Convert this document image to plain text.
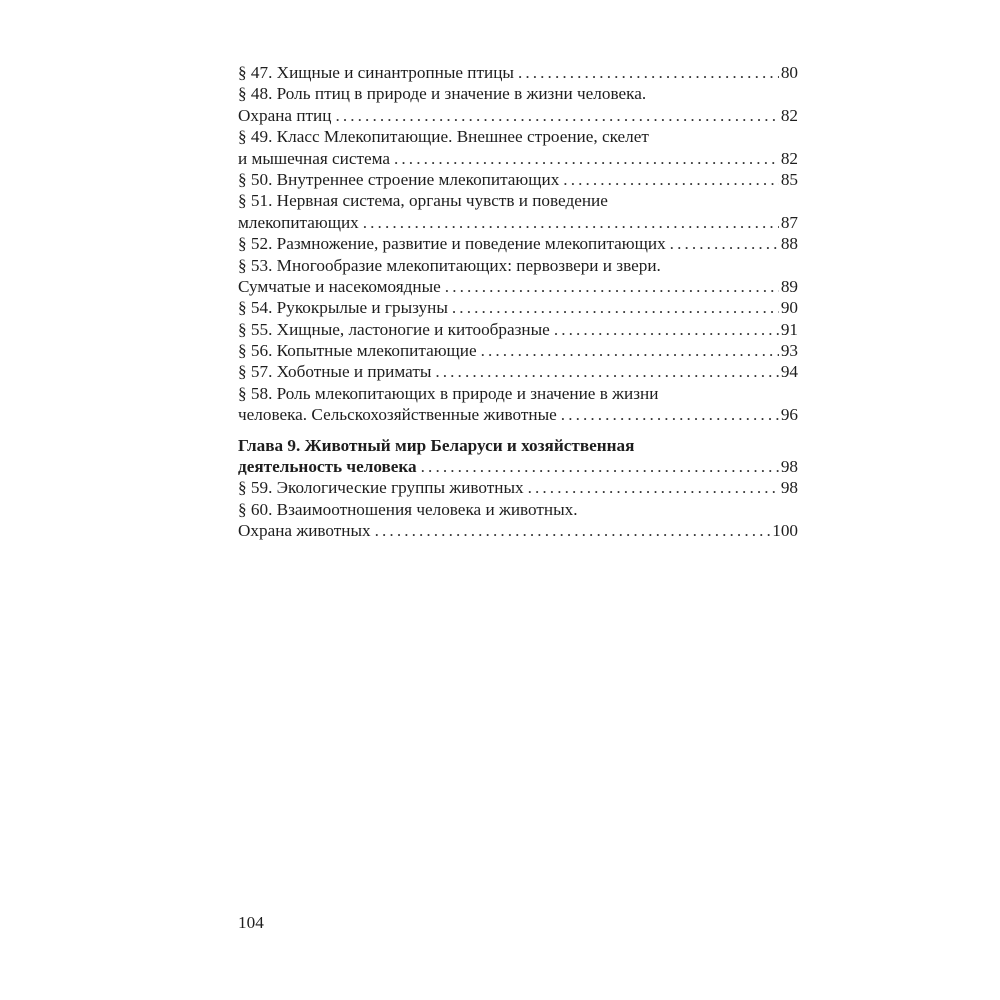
§ 47. Хищные и синантропные птицы . . .	80
§ 48. Роль птиц в природе и значение в жизни человека.
Охрана птиц . . .	82
§ 49. Класс Млекопитающие. Внешнее строение, скелет
и мышечная система . . .	82
§ 50. Внутреннее строение млекопитающих . . .	85
§ 51. Нервная система, органы чувств и поведение
млекопитающих . . .	87
§ 52. Размножение, развитие и поведение млекопитающих . . .	88
§ 53. Многообразие млекопитающих: первозвери и звери.
Сумчатые и насекомоядные . . .	89
§ 54. Рукокрылые и грызуны . . .	90
§ 55. Хищные, ластоногие и китообразные . . .	91
§ 56. Копытные млекопитающие . . .	93
§ 57. Хоботные и приматы . . .	94
§ 58. Роль млекопитающих в природе и значение в жизни
человека. Сельскохозяйственные животные . . .	96
Глава 9. Животный мир Беларуси и хозяйственная
деятельность человека . . .	98
§ 59. Экологические группы животных . . .	98
§ 60. Взаимоотношения человека и животных.
Охрана животных . . .	100
104
